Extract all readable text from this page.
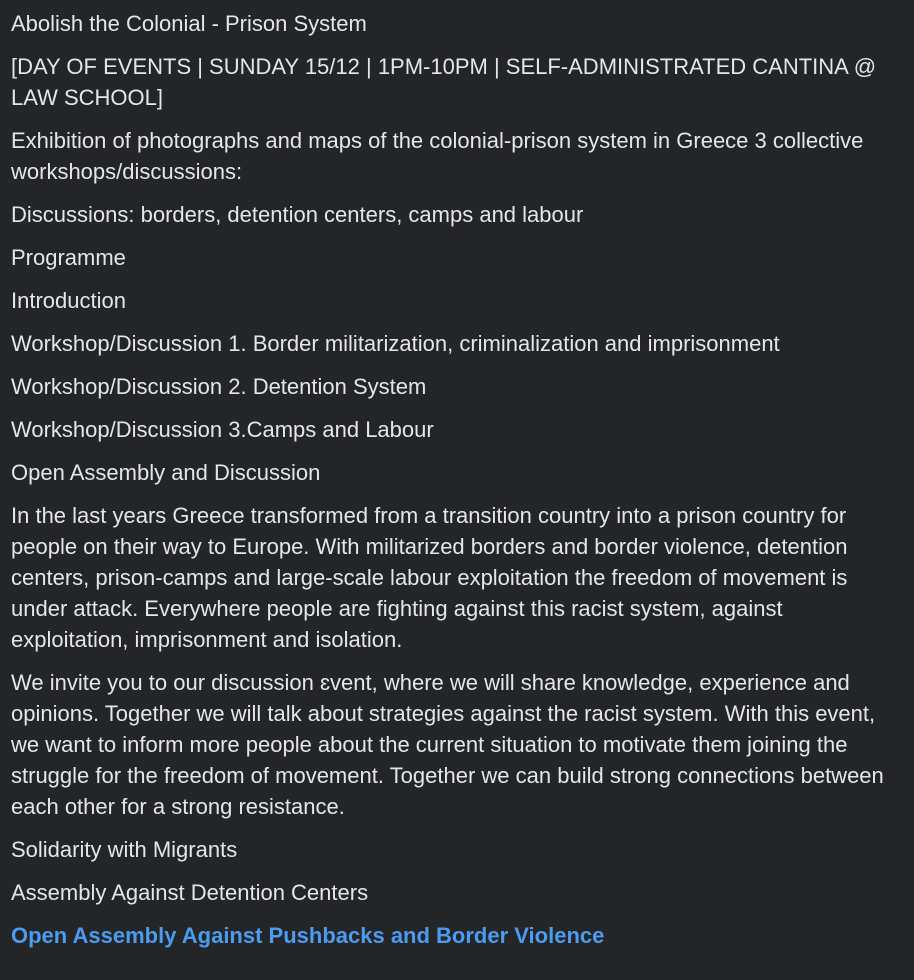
Abolish the Colonial - Prison System

[DAY OF EVENTS | SUNDAY 15/12 | 1PM-10PM | SELF-ADMINISTRATED CANTINA @ LAW SCHOOL]

Exhibition of photographs and maps of the colonial-prison system in Greece 3 collective workshops/discussions:

Discussions: borders, detention centers, camps and labour

Programme

Introduction

Workshop/Discussion 1. Border militarization, criminalization and imprisonment

Workshop/Discussion 2. Detention System

Workshop/Discussion 3.Camps and Labour

Open Assembly and Discussion

In the last years Greece transformed from a transition country into a prison country for people on their way to Europe. With militarized borders and border violence, detention centers, prison-camps and large-scale labour exploitation the freedom of movement is under attack. Everywhere people are fighting against this racist system, against exploitation, imprisonment and isolation.

We invite you to our discussion ɛvent, where we will share knowledge, experience and opinions. Together we will talk about strategies against the racist system. With this event, we want to inform more people about the current situation to motivate them joining the struggle for the freedom of movement. Together we can build strong connections between each other for a strong resistance.

Solidarity with Migrants

Assembly Against Detention Centers

Open Assembly Against Pushbacks and Border Violence
